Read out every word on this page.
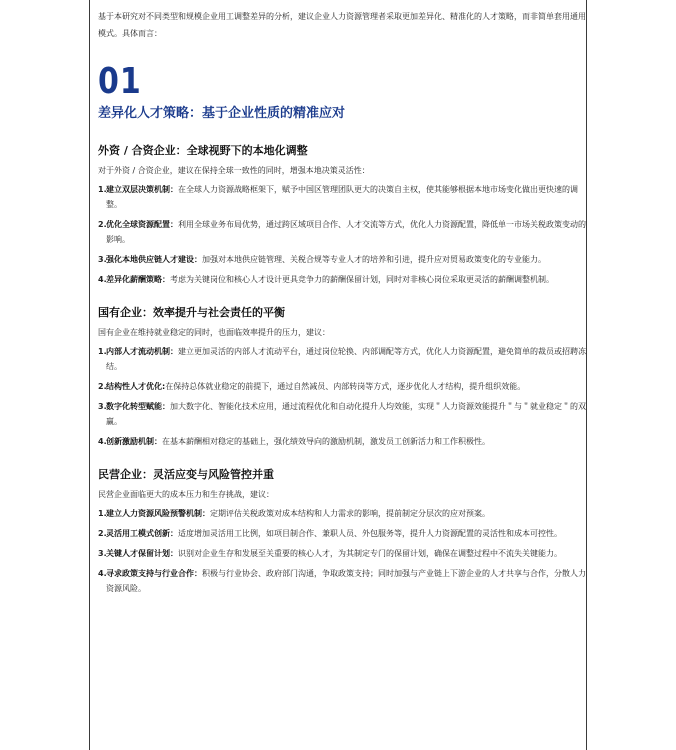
基于本研究对不同类型和规模企业用工调整差异的分析，建议企业人力资源管理者采取更加差异化、精准化的人才策略，而非简单套用通用模式。具体而言：

01
差异化人才策略：基于企业性质的精准应对
外资 / 合资企业：全球视野下的本地化调整

对于外资 / 合资企业，建议在保持全球一致性的同时，增强本地决策灵活性：

1. 建立双层决策机制：在全球人力资源战略框架下，赋予中国区管理团队更大的决策自主权，使其能够根据本地市场变化做出更快速的调整。
2. 优化全球资源配置：利用全球业务布局优势，通过跨区域项目合作、人才交流等方式，优化人力资源配置，降低单一市场关税政策变动的影响。
3. 强化本地供应链人才建设：加强对本地供应链管理、关税合规等专业人才的培养和引进，提升应对贸易政策变化的专业能力。
4. 差异化薪酬策略：考虑为关键岗位和核心人才设计更具竞争力的薪酬保留计划，同时对非核心岗位采取更灵活的薪酬调整机制。
国有企业：效率提升与社会责任的平衡

国有企业在维持就业稳定的同时，也面临效率提升的压力，建议：

1. 内部人才流动机制：建立更加灵活的内部人才流动平台，通过岗位轮换、内部调配等方式，优化人力资源配置，避免简单的裁员或招聘冻结。
2. 结构性人才优化:在保持总体就业稳定的前提下，通过自然减员、内部转岗等方式，逐步优化人才结构，提升组织效能。
3. 数字化转型赋能：加大数字化、智能化技术应用，通过流程优化和自动化提升人均效能，实现＂人力资源效能提升＂与＂就业稳定＂的双赢。
4. 创新激励机制：在基本薪酬相对稳定的基础上，强化绩效导向的激励机制，激发员工创新活力和工作积极性。
民营企业：灵活应变与风险管控并重

民营企业面临更大的成本压力和生存挑战，建议：

1. 建立人力资源风险预警机制：定期评估关税政策对成本结构和人力需求的影响，提前制定分层次的应对预案。
2. 灵活用工模式创新：适度增加灵活用工比例，如项目制合作、兼职人员、外包服务等，提升人力资源配置的灵活性和成本可控性。
3. 关键人才保留计划：识别对企业生存和发展至关重要的核心人才，为其制定专门的保留计划，确保在调整过程中不流失关键能力。
4. 寻求政策支持与行业合作：积极与行业协会、政府部门沟通，争取政策支持；同时加强与产业链上下游企业的人才共享与合作，分散人力资源风险。
